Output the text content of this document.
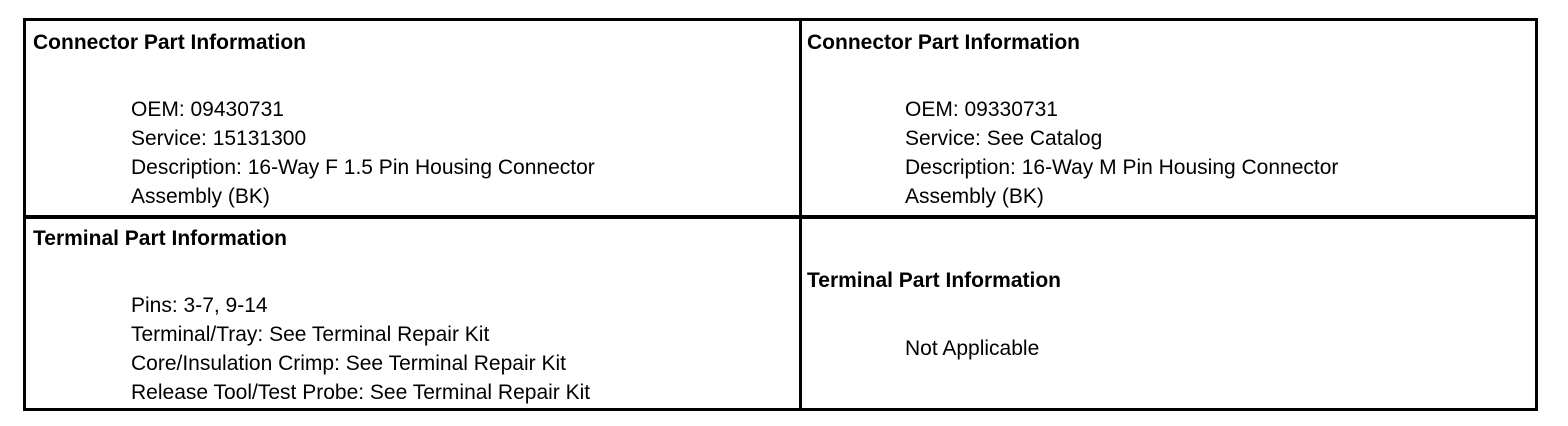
Connector Part Information
OEM: 09430731
Service: 15131300
Description: 16-Way F 1.5 Pin Housing Connector
Assembly (BK)
Connector Part Information
OEM: 09330731
Service: See Catalog
Description: 16-Way M Pin Housing Connector
Assembly (BK)
Terminal Part Information
Pins: 3-7, 9-14
Terminal/Tray: See Terminal Repair Kit
Core/Insulation Crimp: See Terminal Repair Kit
Release Tool/Test Probe: See Terminal Repair Kit
Terminal Part Information
Not Applicable
